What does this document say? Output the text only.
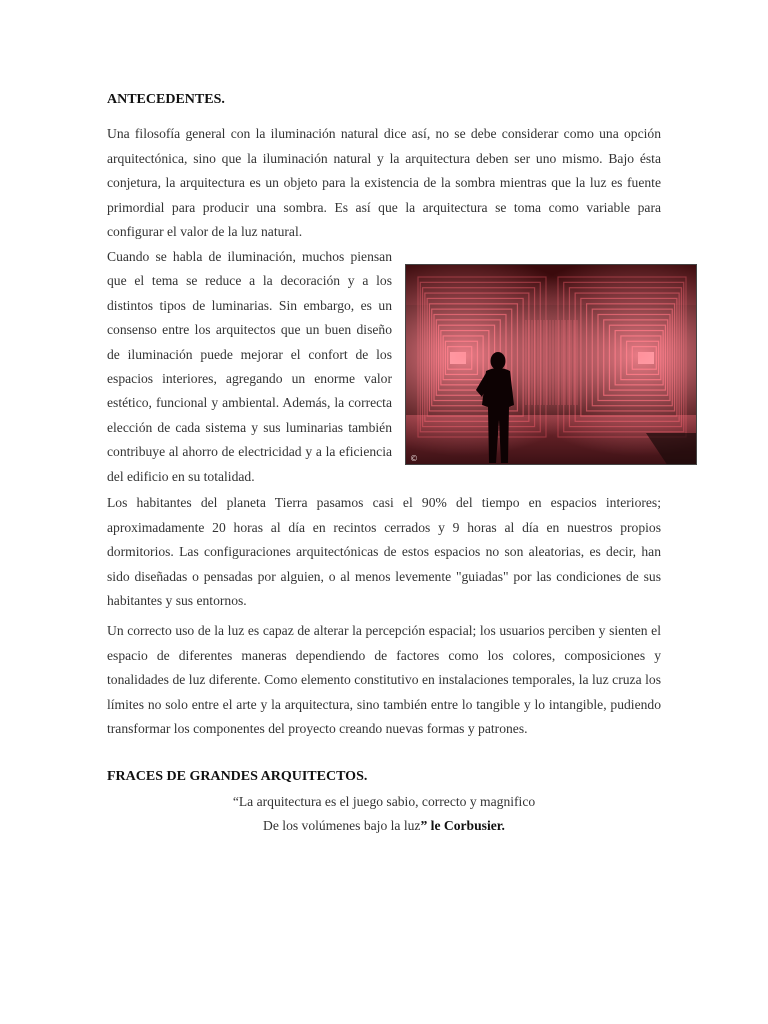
ANTECEDENTES.

Una filosofía general con la iluminación natural dice así, no se debe considerar como una opción arquitectónica, sino que la iluminación natural y la arquitectura deben ser uno mismo. Bajo ésta conjetura, la arquitectura es un objeto para la existencia de la sombra mientras que la luz es fuente primordial para producir una sombra. Es así que la arquitectura se toma como variable para configurar el valor de la luz natural.

Cuando se habla de iluminación, muchos piensan que el tema se reduce a la decoración y a los distintos tipos de luminarias. Sin embargo, es un consenso entre los arquitectos que un buen diseño de iluminación puede mejorar el confort de los espacios interiores, agregando un enorme valor estético, funcional y ambiental. Además, la correcta elección de cada sistema y sus luminarias también contribuye al ahorro de electricidad y a la eficiencia del edificio en su totalidad.

©

Los habitantes del planeta Tierra pasamos casi el 90% del tiempo en espacios interiores; aproximadamente 20 horas al día en recintos cerrados y 9 horas al día en nuestros propios dormitorios. Las configuraciones arquitectónicas de estos espacios no son aleatorias, es decir, han sido diseñadas o pensadas por alguien, o al menos levemente "guiadas" por las condiciones de sus habitantes y sus entornos.

Un correcto uso de la luz es capaz de alterar la percepción espacial; los usuarios perciben y sienten el espacio de diferentes maneras dependiendo de factores como los colores, composiciones y tonalidades de luz diferente. Como elemento constitutivo en instalaciones temporales, la luz cruza los límites no solo entre el arte y la arquitectura, sino también entre lo tangible y lo intangible, pudiendo transformar los componentes del proyecto creando nuevas formas y patrones.

FRACES DE GRANDES ARQUITECTOS.
“La arquitectura es el juego sabio, correcto y magnifico
De los volúmenes bajo la luz” le Corbusier.
